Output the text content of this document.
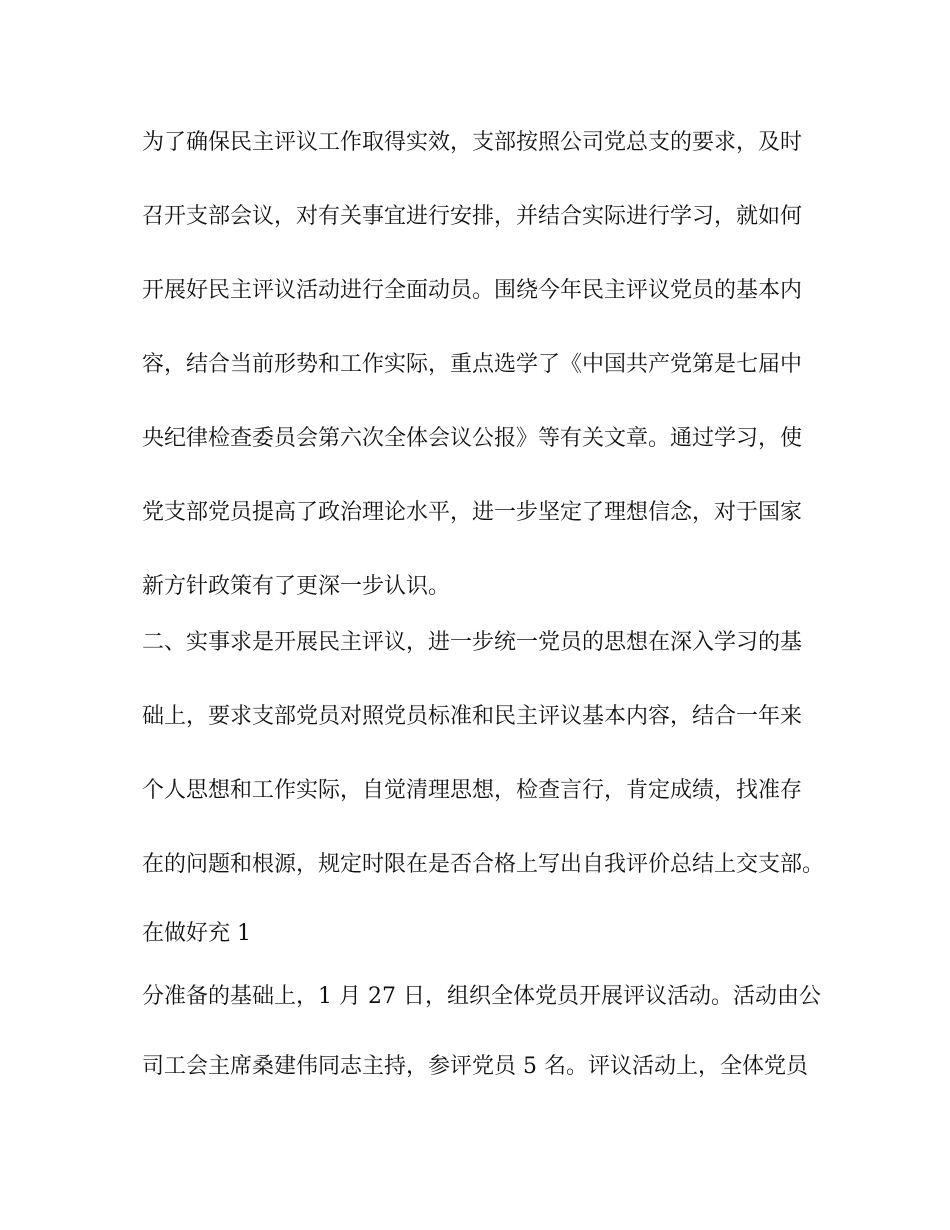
为了确保民主评议工作取得实效，支部按照公司党总支的要求，及时
召开支部会议，对有关事宜进行安排，并结合实际进行学习，就如何
开展好民主评议活动进行全面动员。围绕今年民主评议党员的基本内
容，结合当前形势和工作实际，重点选学了《中国共产党第是七届中
央纪律检查委员会第六次全体会议公报》等有关文章。通过学习，使
党支部党员提高了政治理论水平，进一步坚定了理想信念，对于国家
新方针政策有了更深一步认识。
二、实事求是开展民主评议，进一步统一党员的思想在深入学习的基
础上，要求支部党员对照党员标准和民主评议基本内容，结合一年来
个人思想和工作实际，自觉清理思想，检查言行，肯定成绩，找准存
在的问题和根源，规定时限在是否合格上写出自我评价总结上交支部。
在做好充 1
分准备的基础上，1 月 27 日，组织全体党员开展评议活动。活动由公
司工会主席桑建伟同志主持，参评党员 5 名。评议活动上，全体党员
